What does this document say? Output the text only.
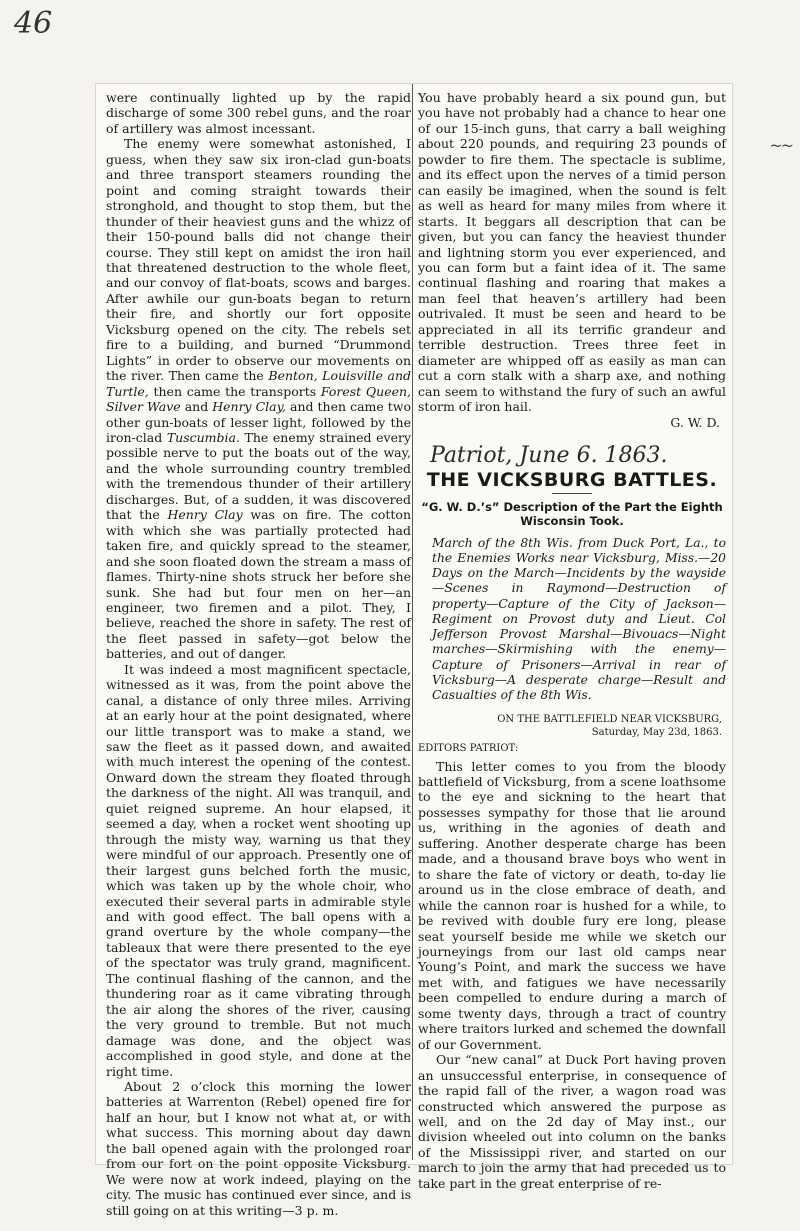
46
~~

were continually lighted up by the rapid discharge of some 300 rebel guns, and the roar of artillery was almost incessant.

The enemy were somewhat astonished, I guess, when they saw six iron-clad gun-boats and three transport steamers rounding the point and coming straight towards their stronghold, and thought to stop them, but the thunder of their heaviest guns and the whizz of their 150-pound balls did not change their course. They still kept on amidst the iron hail that threatened destruction to the whole fleet, and our convoy of flat-boats, scows and barges. After awhile our gun-boats began to return their fire, and shortly our fort opposite Vicksburg opened on the city. The rebels set fire to a building, and burned “Drummond Lights” in order to observe our movements on the river. Then came the Benton, Louisville and Turtle, then came the transports Forest Queen, Silver Wave and Henry Clay, and then came two other gun-boats of lesser light, followed by the iron-clad Tuscumbia. The enemy strained every possible nerve to put the boats out of the way, and the whole surrounding country trembled with the tremendous thunder of their artillery discharges. But, of a sudden, it was discovered that the Henry Clay was on fire. The cotton with which she was partially protected had taken fire, and quickly spread to the steamer, and she soon floated down the stream a mass of flames. Thirty-nine shots struck her before she sunk. She had but four men on her—an engineer, two firemen and a pilot. They, I believe, reached the shore in safety. The rest of the fleet passed in safety—got below the batteries, and out of danger.

It was indeed a most magnificent spectacle, witnessed as it was, from the point above the canal, a distance of only three miles. Arriving at an early hour at the point designated, where our little transport was to make a stand, we saw the fleet as it passed down, and awaited with much interest the opening of the contest. Onward down the stream they floated through the darkness of the night. All was tranquil, and quiet reigned supreme. An hour elapsed, it seemed a day, when a rocket went shooting up through the misty way, warning us that they were mindful of our approach. Presently one of their largest guns belched forth the music, which was taken up by the whole choir, who executed their several parts in admirable style and with good effect. The ball opens with a grand overture by the whole company—the tableaux that were there presented to the eye of the spectator was truly grand, magnificent. The continual flashing of the cannon, and the thundering roar as it came vibrating through the air along the shores of the river, causing the very ground to tremble. But not much damage was done, and the object was accomplished in good style, and done at the right time.

About 2 o’clock this morning the lower batteries at Warrenton (Rebel) opened fire for half an hour, but I know not what at, or with what success. This morning about day dawn the ball opened again with the prolonged roar from our fort on the point opposite Vicksburg. We were now at work indeed, playing on the city. The music has continued ever since, and is still going on at this writing—3 p. m.

You have probably heard a six pound gun, but you have not probably had a chance to hear one of our 15-inch guns, that carry a ball weighing about 220 pounds, and requiring 23 pounds of powder to fire them. The spectacle is sublime, and its effect upon the nerves of a timid person can easily be imagined, when the sound is felt as well as heard for many miles from where it starts. It beggars all description that can be given, but you can fancy the heaviest thunder and lightning storm you ever experienced, and you can form but a faint idea of it. The same continual flashing and roaring that makes a man feel that heaven’s artillery had been outrivaled. It must be seen and heard to be appreciated in all its terrific grandeur and terrible destruction. Trees three feet in diameter are whipped off as easily as man can cut a corn stalk with a sharp axe, and nothing can seem to withstand the fury of such an awful storm of iron hail.

G. W. D.

Patriot, June 6. 1863.
THE VICKSBURG BATTLES.
“G. W. D.’s” Description of the Part the Eighth Wisconsin Took.

March of the 8th Wis. from Duck Port, La., to the Enemies Works near Vicksburg, Miss.—20 Days on the March—Incidents by the wayside—Scenes in Raymond—Destruction of property—Capture of the City of Jackson—Regiment on Provost duty and Lieut. Col Jefferson Provost Marshal—Bivouacs—Night marches—Skirmishing with the enemy—Capture of Prisoners—Arrival in rear of Vicksburg—A desperate charge—Result and Casualties of the 8th Wis.

ON THE BATTLEFIELD NEAR VICKSBURG,
Saturday, May 23d, 1863.
EDITORS PATRIOT:

This letter comes to you from the bloody battlefield of Vicksburg, from a scene loathsome to the eye and sickning to the heart that possesses sympathy for those that lie around us, writhing in the agonies of death and suffering. Another desperate charge has been made, and a thousand brave boys who went in to share the fate of victory or death, to-day lie around us in the close embrace of death, and while the cannon roar is hushed for a while, to be revived with double fury ere long, please seat yourself beside me while we sketch our journeyings from our last old camps near Young’s Point, and mark the success we have met with, and fatigues we have necessarily been compelled to endure during a march of some twenty days, through a tract of country where traitors lurked and schemed the downfall of our Government.

Our “new canal” at Duck Port having proven an unsuccessful enterprise, in consequence of the rapid fall of the river, a wagon road was constructed which answered the purpose as well, and on the 2d day of May inst., our division wheeled out into column on the banks of the Mississippi river, and started on our march to join the army that had preceded us to take part in the great enterprise of re-
